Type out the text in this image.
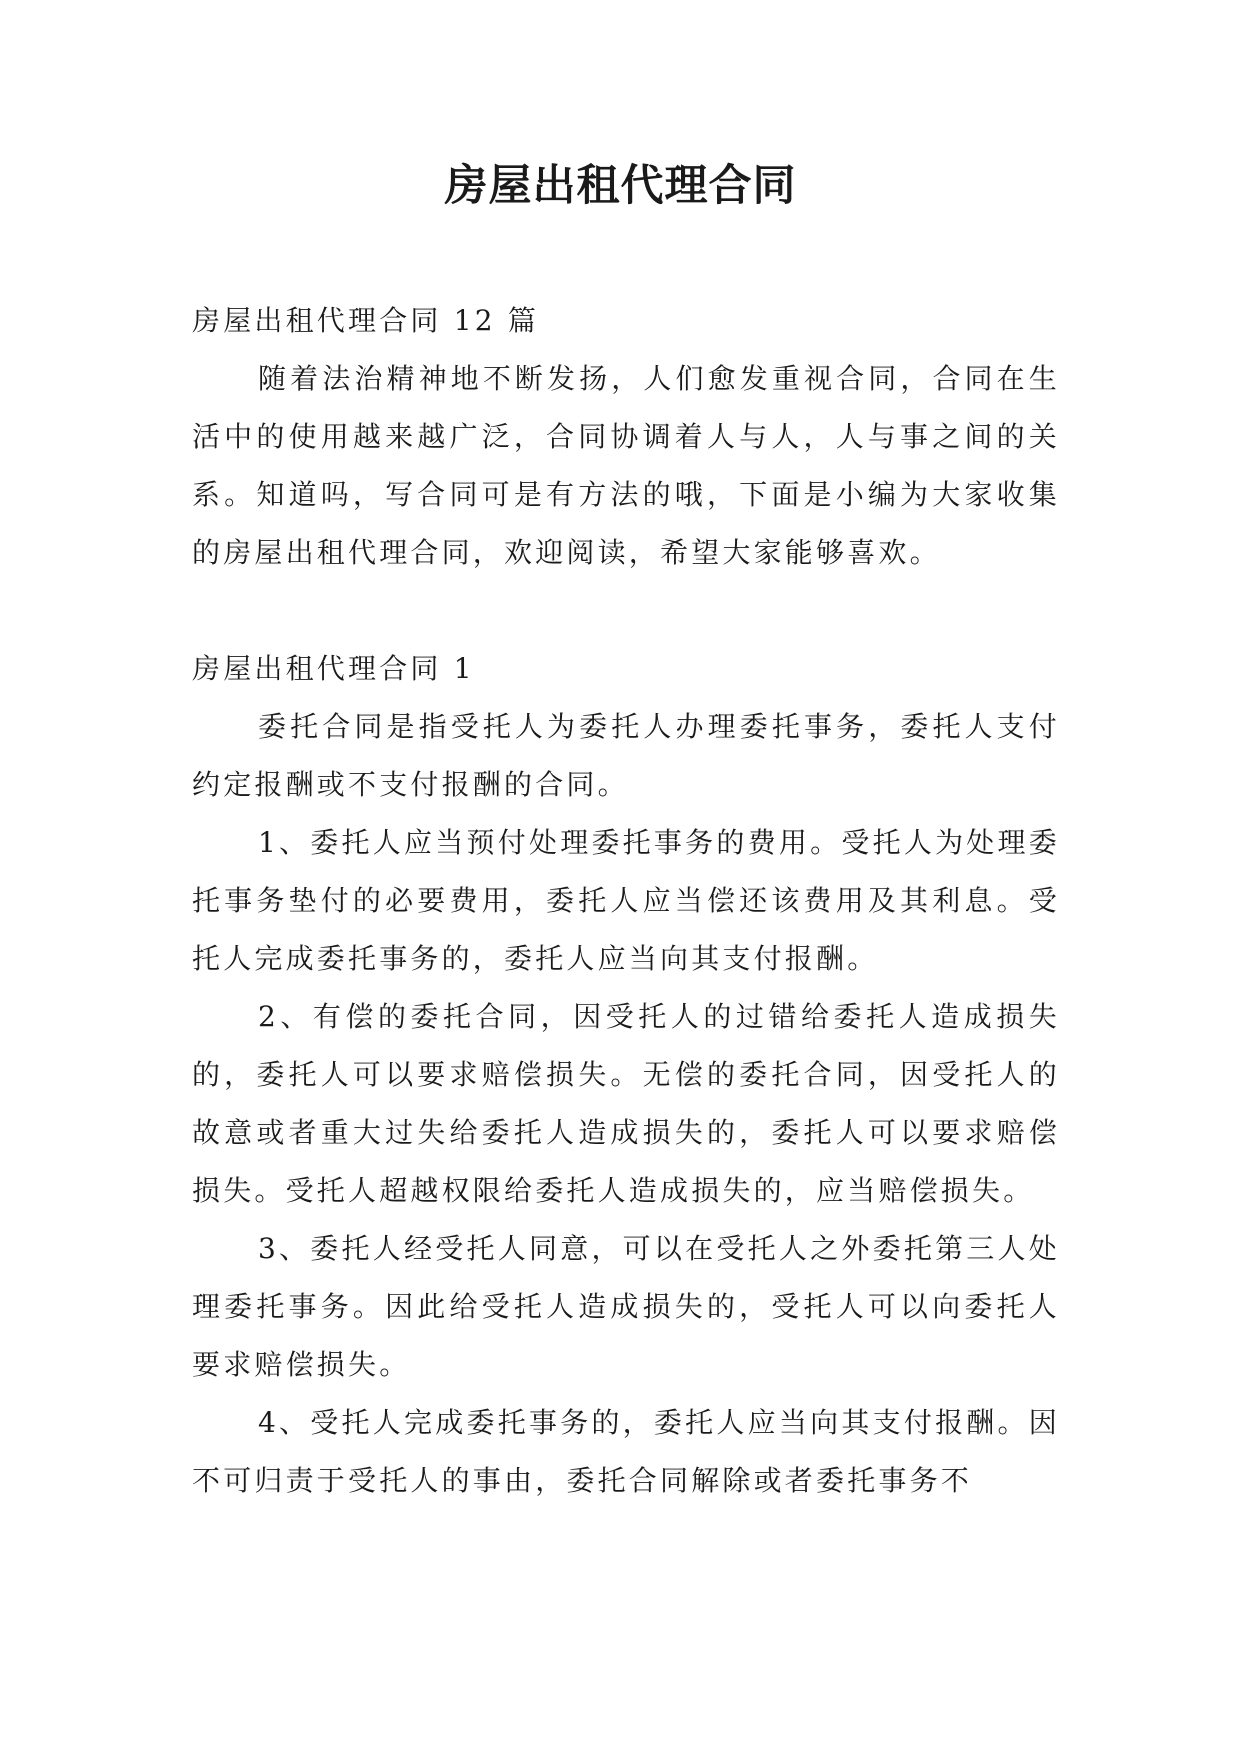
房屋出租代理合同

房屋出租代理合同 12 篇

随着法治精神地不断发扬，人们愈发重视合同，合同在生活中的使用越来越广泛，合同协调着人与人，人与事之间的关系。知道吗，写合同可是有方法的哦，下面是小编为大家收集的房屋出租代理合同，欢迎阅读，希望大家能够喜欢。

房屋出租代理合同 1

委托合同是指受托人为委托人办理委托事务，委托人支付约定报酬或不支付报酬的合同。

1、委托人应当预付处理委托事务的费用。受托人为处理委托事务垫付的必要费用，委托人应当偿还该费用及其利息。受托人完成委托事务的，委托人应当向其支付报酬。

2、有偿的委托合同，因受托人的过错给委托人造成损失的，委托人可以要求赔偿损失。无偿的委托合同，因受托人的故意或者重大过失给委托人造成损失的，委托人可以要求赔偿损失。受托人超越权限给委托人造成损失的，应当赔偿损失。

3、委托人经受托人同意，可以在受托人之外委托第三人处理委托事务。因此给受托人造成损失的，受托人可以向委托人要求赔偿损失。

4、受托人完成委托事务的，委托人应当向其支付报酬。因不可归责于受托人的事由，委托合同解除或者委托事务不
